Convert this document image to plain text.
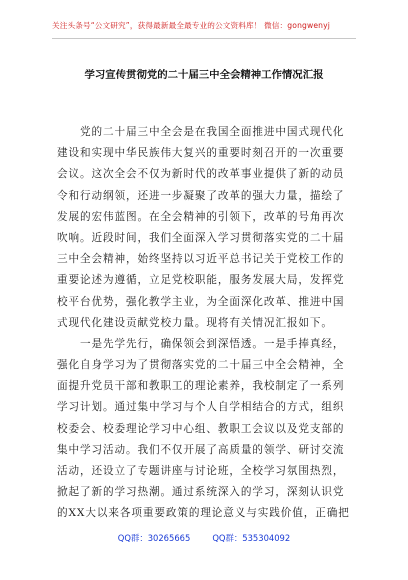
关注头条号“公文研究”，获得最新最全最专业的公文资料库！ 微信：gongwenyj
学习宣传贯彻党的二十届三中全会精神工作情况汇报
　　党的二十届三中全会是在我国全面推进中国式现代化
建设和实现中华民族伟大复兴的重要时刻召开的一次重要
会议。这次全会不仅为新时代的改革事业提供了新的动员
令和行动纲领，还进一步凝聚了改革的强大力量，描绘了
发展的宏伟蓝图。在全会精神的引领下，改革的号角再次
吹响。近段时间，我们全面深入学习贯彻落实党的二十届
三中全会精神，始终坚持以习近平总书记关于党校工作的
重要论述为遵循，立足党校职能，服务发展大局，发挥党
校平台优势，强化教学主业，为全面深化改革、推进中国
式现代化建设贡献党校力量。现将有关情况汇报如下。
　　一是先学先行，确保领会到深悟透。一是手捧真经，
强化自身学习为了贯彻落实党的二十届三中全会精神，全
面提升党员干部和教职工的理论素养，我校制定了一系列
学习计划。通过集中学习与个人自学相结合的方式，组织
校委会、校委理论学习中心组、教职工会议以及党支部的
集中学习活动。我们不仅开展了高质量的领学、研讨交流
活动，还设立了专题讲座与讨论班，全校学习氛围热烈，
掀起了新的学习热潮。通过系统深入的学习，深刻认识党
的XX大以来各项重要政策的理论意义与实践价值，正确把
QQ群：30265665	QQ群：535304092
